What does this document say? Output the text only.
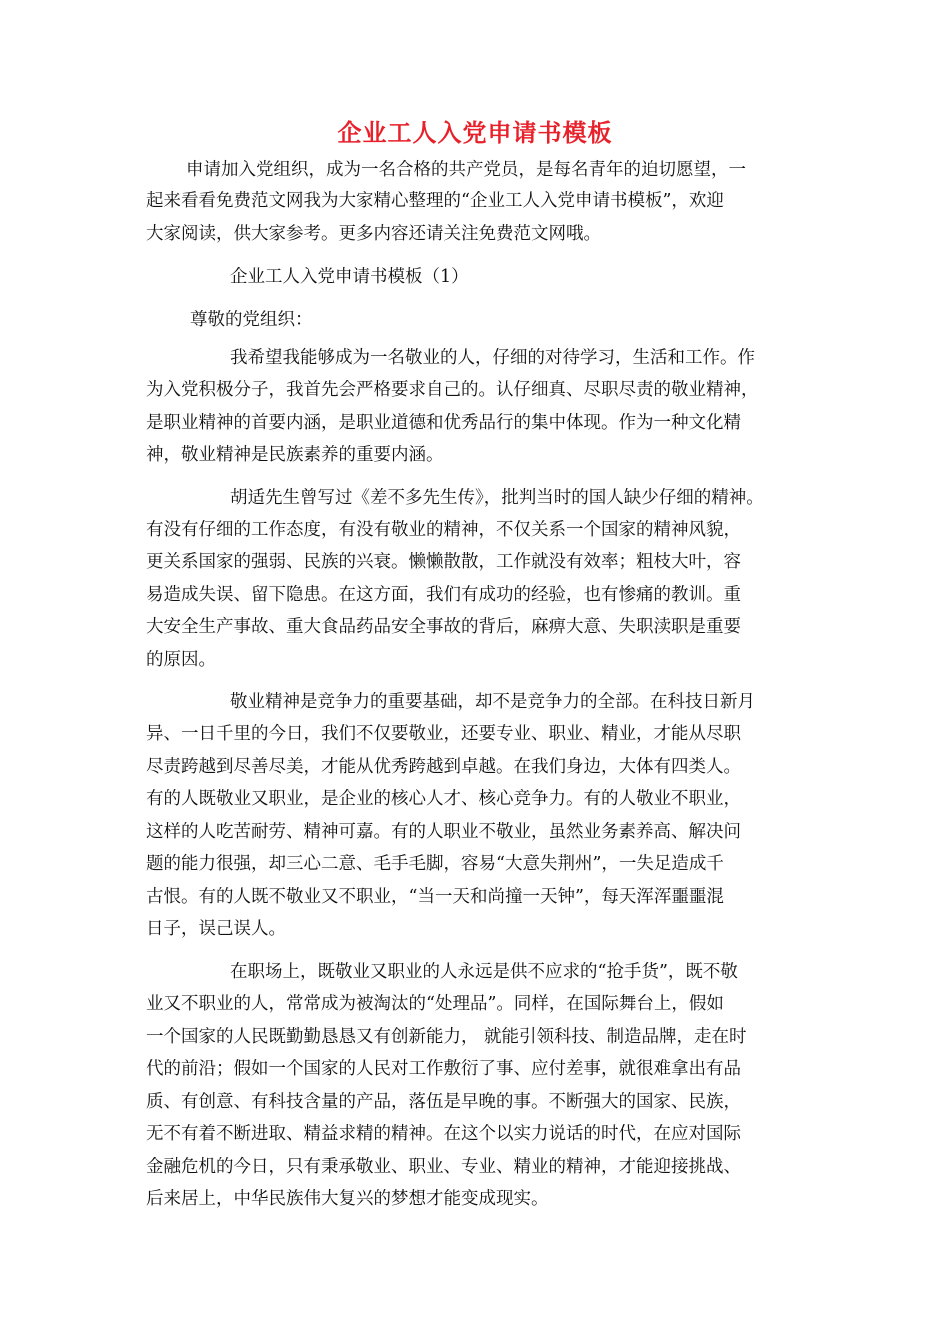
企业工人入党申请书模板

申请加入党组织，成为一名合格的共产党员，是每名青年的迫切愿望，一

起来看看免费范文网我为大家精心整理的“企业工人入党申请书模板”，欢迎

大家阅读，供大家参考。更多内容还请关注免费范文网哦。

企业工人入党申请书模板（1）

尊敬的党组织：

我希望我能够成为一名敬业的人，仔细的对待学习，生活和工作。作

为入党积极分子，我首先会严格要求自己的。认仔细真、尽职尽责的敬业精神，

是职业精神的首要内涵，是职业道德和优秀品行的集中体现。作为一种文化精

神，敬业精神是民族素养的重要内涵。

胡适先生曾写过《差不多先生传》，批判当时的国人缺少仔细的精神。

有没有仔细的工作态度，有没有敬业的精神，不仅关系一个国家的精神风貌，

更关系国家的强弱、民族的兴衰。懒懒散散，工作就没有效率；粗枝大叶，容

易造成失误、留下隐患。在这方面，我们有成功的经验，也有惨痛的教训。重

大安全生产事故、重大食品药品安全事故的背后，麻痹大意、失职渎职是重要

的原因。

敬业精神是竞争力的重要基础，却不是竞争力的全部。在科技日新月

异、一日千里的今日，我们不仅要敬业，还要专业、职业、精业，才能从尽职

尽责跨越到尽善尽美，才能从优秀跨越到卓越。在我们身边，大体有四类人。

有的人既敬业又职业，是企业的核心人才、核心竞争力。有的人敬业不职业，

这样的人吃苦耐劳、精神可嘉。有的人职业不敬业，虽然业务素养高、解决问

题的能力很强，却三心二意、毛手毛脚，容易“大意失荆州”，一失足造成千

古恨。有的人既不敬业又不职业，“当一天和尚撞一天钟”，每天浑浑噩噩混

日子，误己误人。

在职场上，既敬业又职业的人永远是供不应求的“抢手货”，既不敬

业又不职业的人，常常成为被淘汰的“处理品”。同样，在国际舞台上，假如

一个国家的人民既勤勤恳恳又有创新能力， 就能引领科技、制造品牌，走在时

代的前沿；假如一个国家的人民对工作敷衍了事、应付差事，就很难拿出有品

质、有创意、有科技含量的产品，落伍是早晚的事。不断强大的国家、民族，

无不有着不断进取、精益求精的精神。在这个以实力说话的时代，在应对国际

金融危机的今日，只有秉承敬业、职业、专业、精业的精神，才能迎接挑战、

后来居上，中华民族伟大复兴的梦想才能变成现实。
